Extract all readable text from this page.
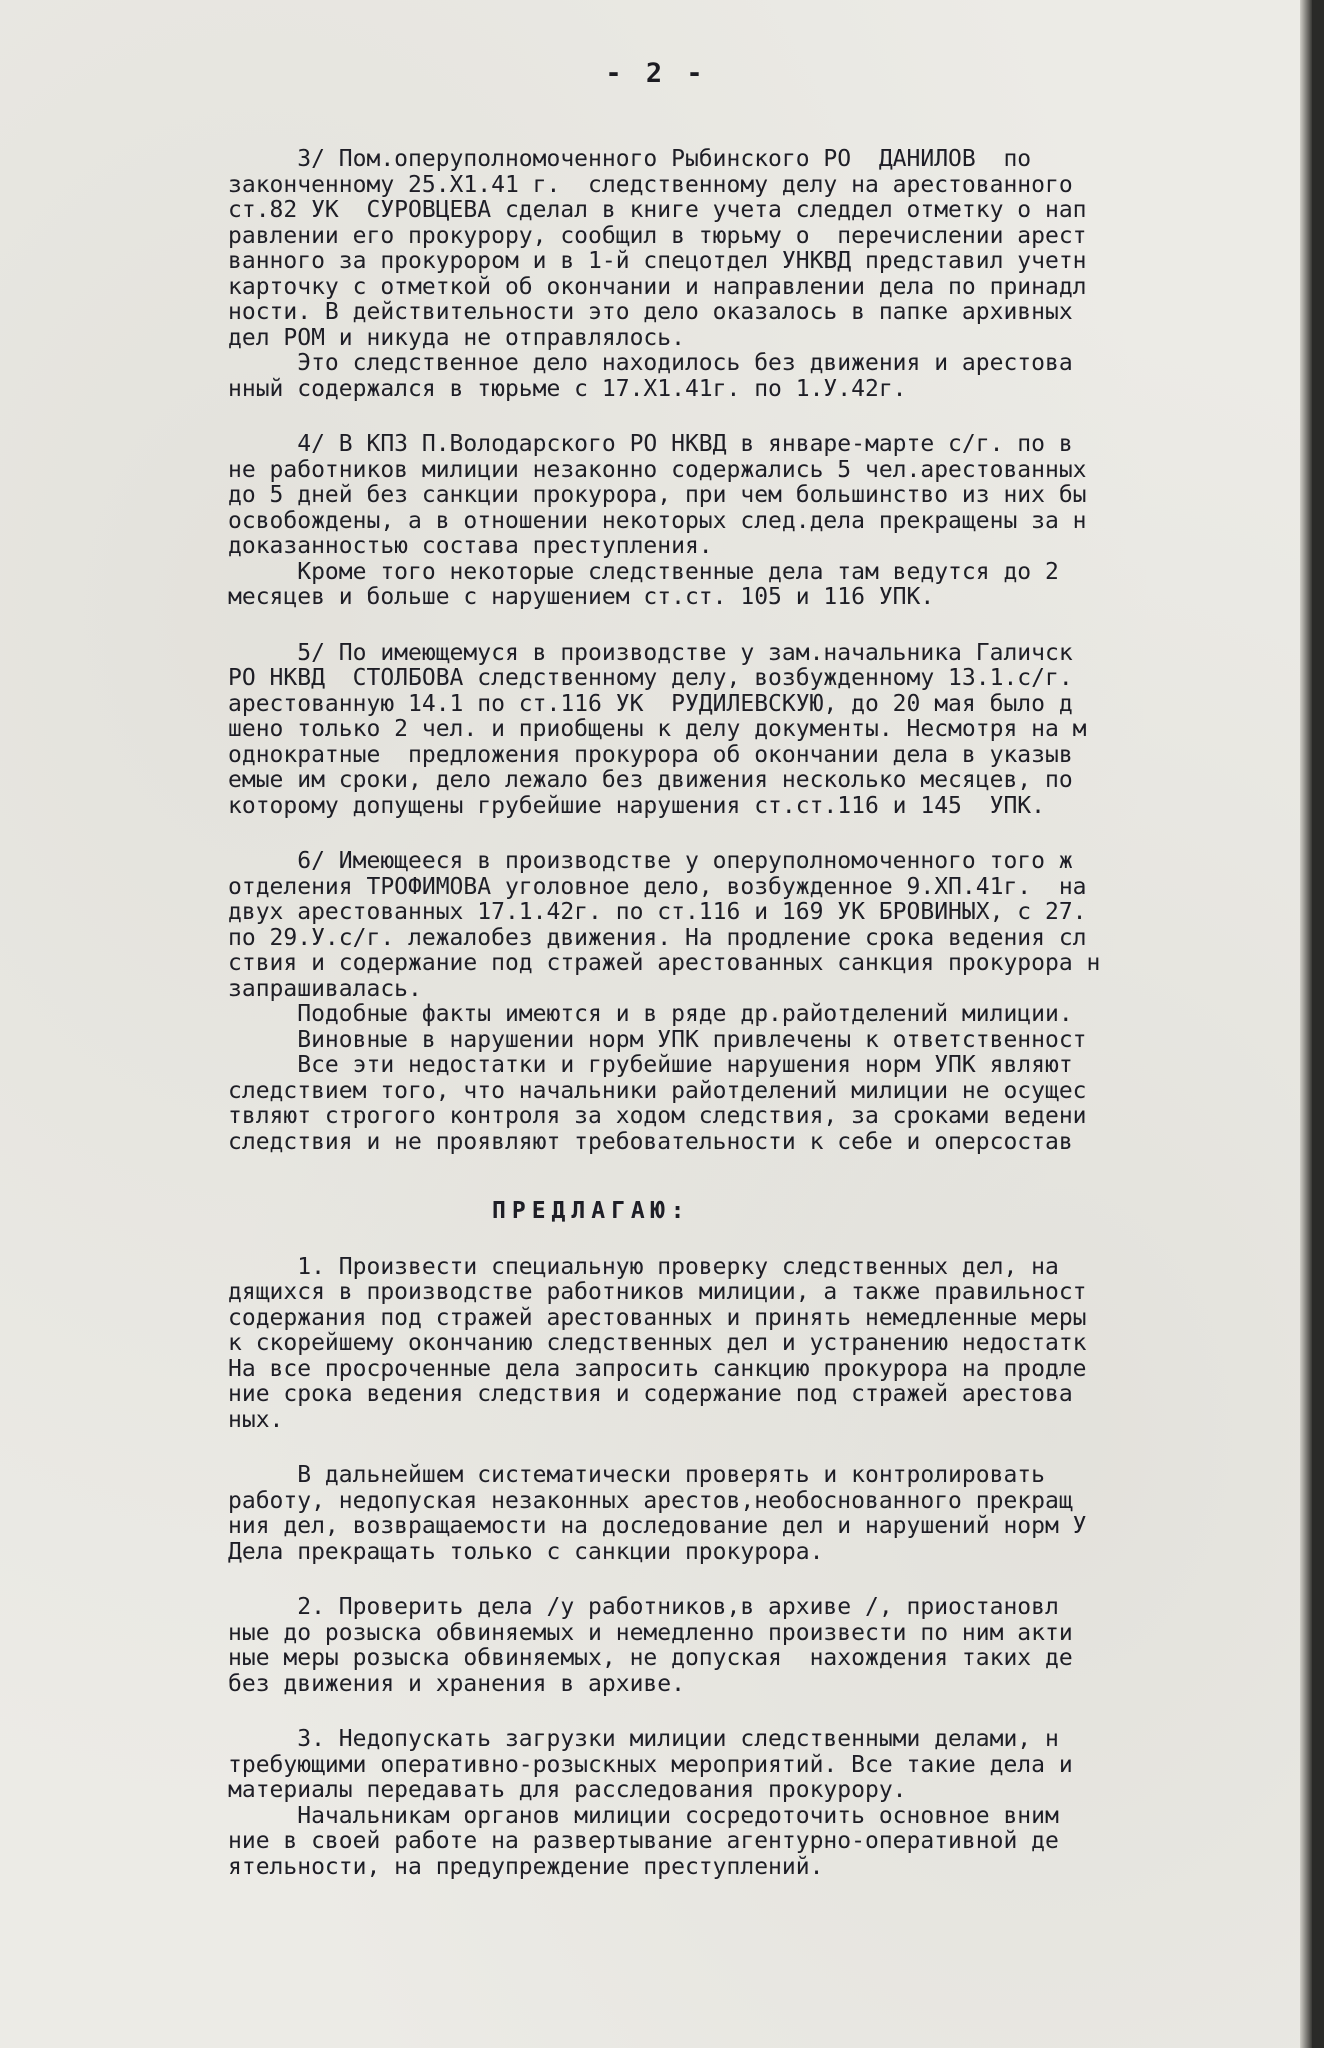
- 2 -
3/ Пом.оперуполномоченного Рыбинского РО  ДАНИЛОВ  по
законченному 25.Х1.41 г.  следственному делу на арестованного
ст.82 УК  СУРОВЦЕВА сделал в книге учета следдел отметку о нап
равлении его прокурору, сообщил в тюрьму о  перечислении арест
ванного за прокурором и в 1-й спецотдел УНКВД представил учетн
карточку с отметкой об окончании и направлении дела по принадл
ности. В действительности это дело оказалось в папке архивных
дел РОМ и никуда не отправлялось.
Это следственное дело находилось без движения и арестова
нный содержался в тюрьме с 17.Х1.41г. по 1.У.42г.
4/ В КПЗ П.Володарского РО НКВД в январе-марте с/г. по в
не работников милиции незаконно содержались 5 чел.арестованных
до 5 дней без санкции прокурора, при чем большинство из них бы
освобождены, а в отношении некоторых след.дела прекращены за н
доказанностью состава преступления.
Кроме того некоторые следственные дела там ведутся до 2
месяцев и больше с нарушением ст.ст. 105 и 116 УПК.
5/ По имеющемуся в производстве у зам.начальника Галичск
РО НКВД  СТОЛБОВА следственному делу, возбужденному 13.1.с/г.
арестованную 14.1 по ст.116 УК  РУДИЛЕВСКУЮ, до 20 мая было д
шено только 2 чел. и приобщены к делу документы. Несмотря на м
однократные  предложения прокурора об окончании дела в указыв
емые им сроки, дело лежало без движения несколько месяцев, по
которому допущены грубейшие нарушения ст.ст.116 и 145  УПК.
6/ Имеющееся в производстве у оперуполномоченного того ж
отделения ТРОФИМОВА уголовное дело, возбужденное 9.ХП.41г.  на
двух арестованных 17.1.42г. по ст.116 и 169 УК БРОВИНЫХ, с 27.
по 29.У.с/г. лежалобез движения. На продление срока ведения сл
ствия и содержание под стражей арестованных санкция прокурора н
запрашивалась.
Подобные факты имеются и в ряде др.райотделений милиции.
Виновные в нарушении норм УПК привлечены к ответственност
Все эти недостатки и грубейшие нарушения норм УПК являют
следствием того, что начальники райотделений милиции не осущес
твляют строгого контроля за ходом следствия, за сроками ведени
следствия и не проявляют требовательности к себе и оперсостав
ПРЕДЛАГАЮ:
1. Произвести специальную проверку следственных дел, на
дящихся в производстве работников милиции, а также правильност
содержания под стражей арестованных и принять немедленные меры
к скорейшему окончанию следственных дел и устранению недостатк
На все просроченные дела запросить санкцию прокурора на продле
ние срока ведения следствия и содержание под стражей арестова
ных.
В дальнейшем систематически проверять и контролировать
работу, недопуская незаконных арестов,необоснованного прекращ
ния дел, возвращаемости на доследование дел и нарушений норм У
Дела прекращать только с санкции прокурора.
2. Проверить дела /у работников,в архиве /, приостановл
ные до розыска обвиняемых и немедленно произвести по ним акти
ные меры розыска обвиняемых, не допуская  нахождения таких де
без движения и хранения в архиве.
3. Недопускать загрузки милиции следственными делами, н
требующими оперативно-розыскных мероприятий. Все такие дела и
материалы передавать для расследования прокурору.
Начальникам органов милиции сосредоточить основное вним
ние в своей работе на развертывание агентурно-оперативной де
ятельности, на предупреждение преступлений.
